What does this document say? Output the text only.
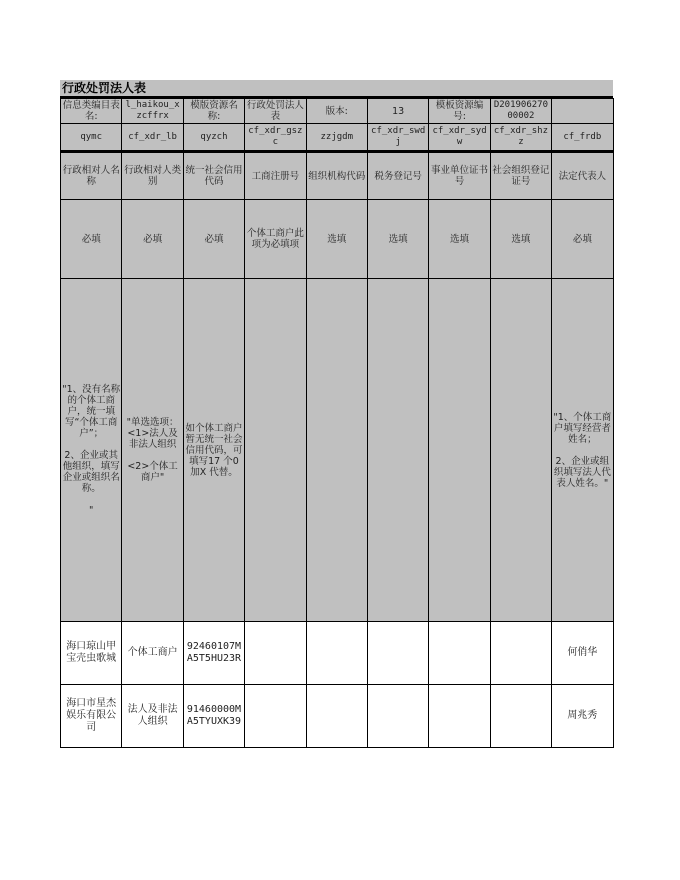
行政处罚法人表
信息类编目表名:	l_haikou_xzcffrx	模版资源名称:	行政处罚法人表	版本:	13	模板资源编号:	D20190627000002	
qymc	cf_xdr_lb	qyzch	cf_xdr_gszc	zzjgdm	cf_xdr_swdj	cf_xdr_sydw	cf_xdr_shzz	cf_frdb
行政相对人名称	行政相对人类别	统一社会信用代码	工商注册号	组织机构代码	税务登记号	事业单位证书号	社会组织登记证号	法定代表人
必填	必填	必填	个体工商户此项为必填项	选填	选填	选填	选填	必填
"1、没有名称的个体工商户，统一填写“个体工商户”；

2、企业或其他组织，填写企业或组织名称。

"	"单选选项：
<1>法人及非法人组织

<2>个体工商户"	如个体工商户暂无统一社会信用代码，可填写17 个0 加X 代替。						"1、个体工商户填写经营者姓名；

2、企业或组织填写法人代表人姓名。"
海口琼山甲宝壳虫歌城	个体工商户	92460107MA5T5HU23R						何俏华
海口市星杰娱乐有限公司	法人及非法人组织	91460000MA5TYUXK39						周兆秀
